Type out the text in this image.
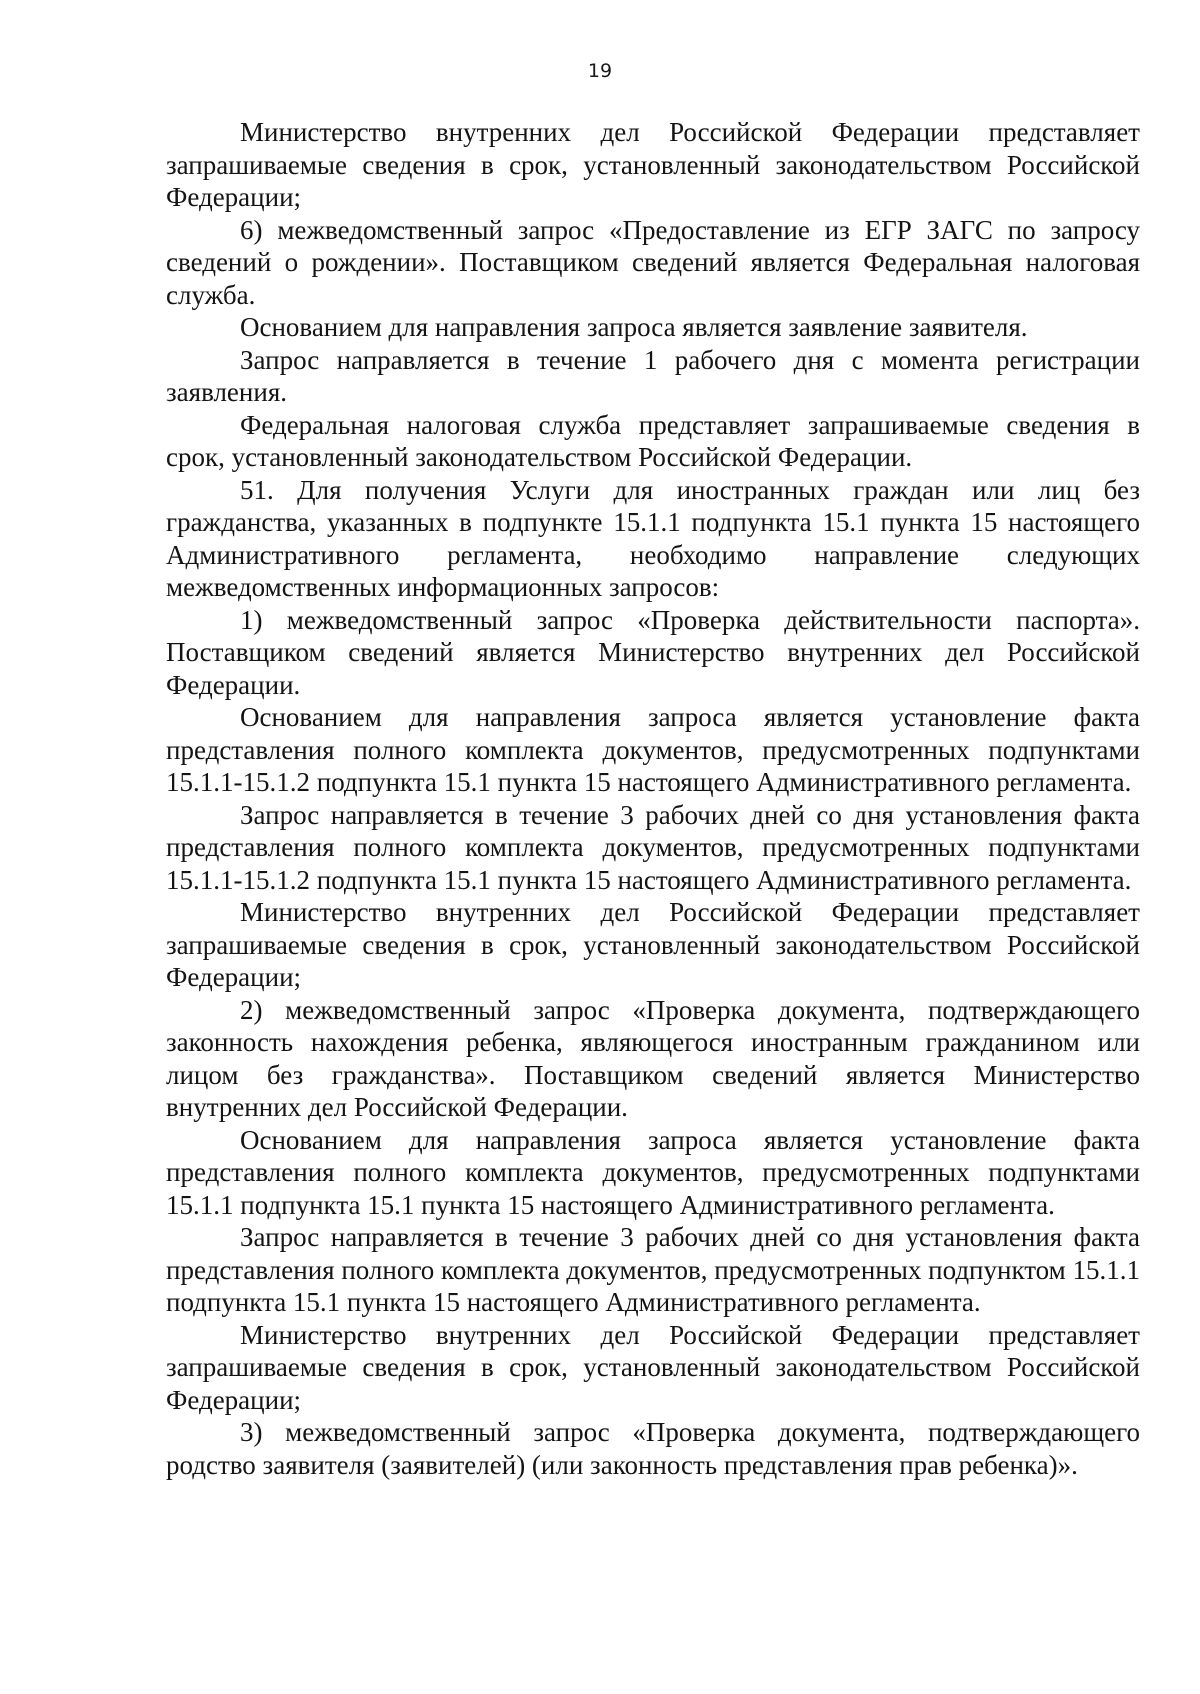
19

Министерство внутренних дел Российской Федерации представляет запрашиваемые сведения в срок, установленный законодательством Российской Федерации;

6) межведомственный запрос «Предоставление из ЕГР ЗАГС по запросу сведений о рождении». Поставщиком сведений является Федеральная налоговая служба.

Основанием для направления запроса является заявление заявителя.

Запрос направляется в течение 1 рабочего дня с момента регистрации заявления.

Федеральная налоговая служба представляет запрашиваемые сведения в срок, установленный законодательством Российской Федерации.

51. Для получения Услуги для иностранных граждан или лиц без гражданства, указанных в подпункте 15.1.1 подпункта 15.1 пункта 15 настоящего Административного регламента, необходимо направление следующих межведомственных информационных запросов:

1) межведомственный запрос «Проверка действительности паспорта». Поставщиком сведений является Министерство внутренних дел Российской Федерации.

Основанием для направления запроса является установление факта представления полного комплекта документов, предусмотренных подпунктами 15.1.1-15.1.2 подпункта 15.1 пункта 15 настоящего Административного регламента.

Запрос направляется в течение 3 рабочих дней со дня установления факта представления полного комплекта документов, предусмотренных подпунктами 15.1.1-15.1.2 подпункта 15.1 пункта 15 настоящего Административного регламента.

Министерство внутренних дел Российской Федерации представляет запрашиваемые сведения в срок, установленный законодательством Российской Федерации;

2) межведомственный запрос «Проверка документа, подтверждающего законность нахождения ребенка, являющегося иностранным гражданином или лицом без гражданства». Поставщиком сведений является Министерство внутренних дел Российской Федерации.

Основанием для направления запроса является установление факта представления полного комплекта документов, предусмотренных подпунктами 15.1.1 подпункта 15.1 пункта 15 настоящего Административного регламента.

Запрос направляется в течение 3 рабочих дней со дня установления факта представления полного комплекта документов, предусмотренных подпунктом 15.1.1 подпункта 15.1 пункта 15 настоящего Административного регламента.

Министерство внутренних дел Российской Федерации представляет запрашиваемые сведения в срок, установленный законодательством Российской Федерации;

3) межведомственный запрос «Проверка документа, подтверждающего родство заявителя (заявителей) (или законность представления прав ребенка)».
